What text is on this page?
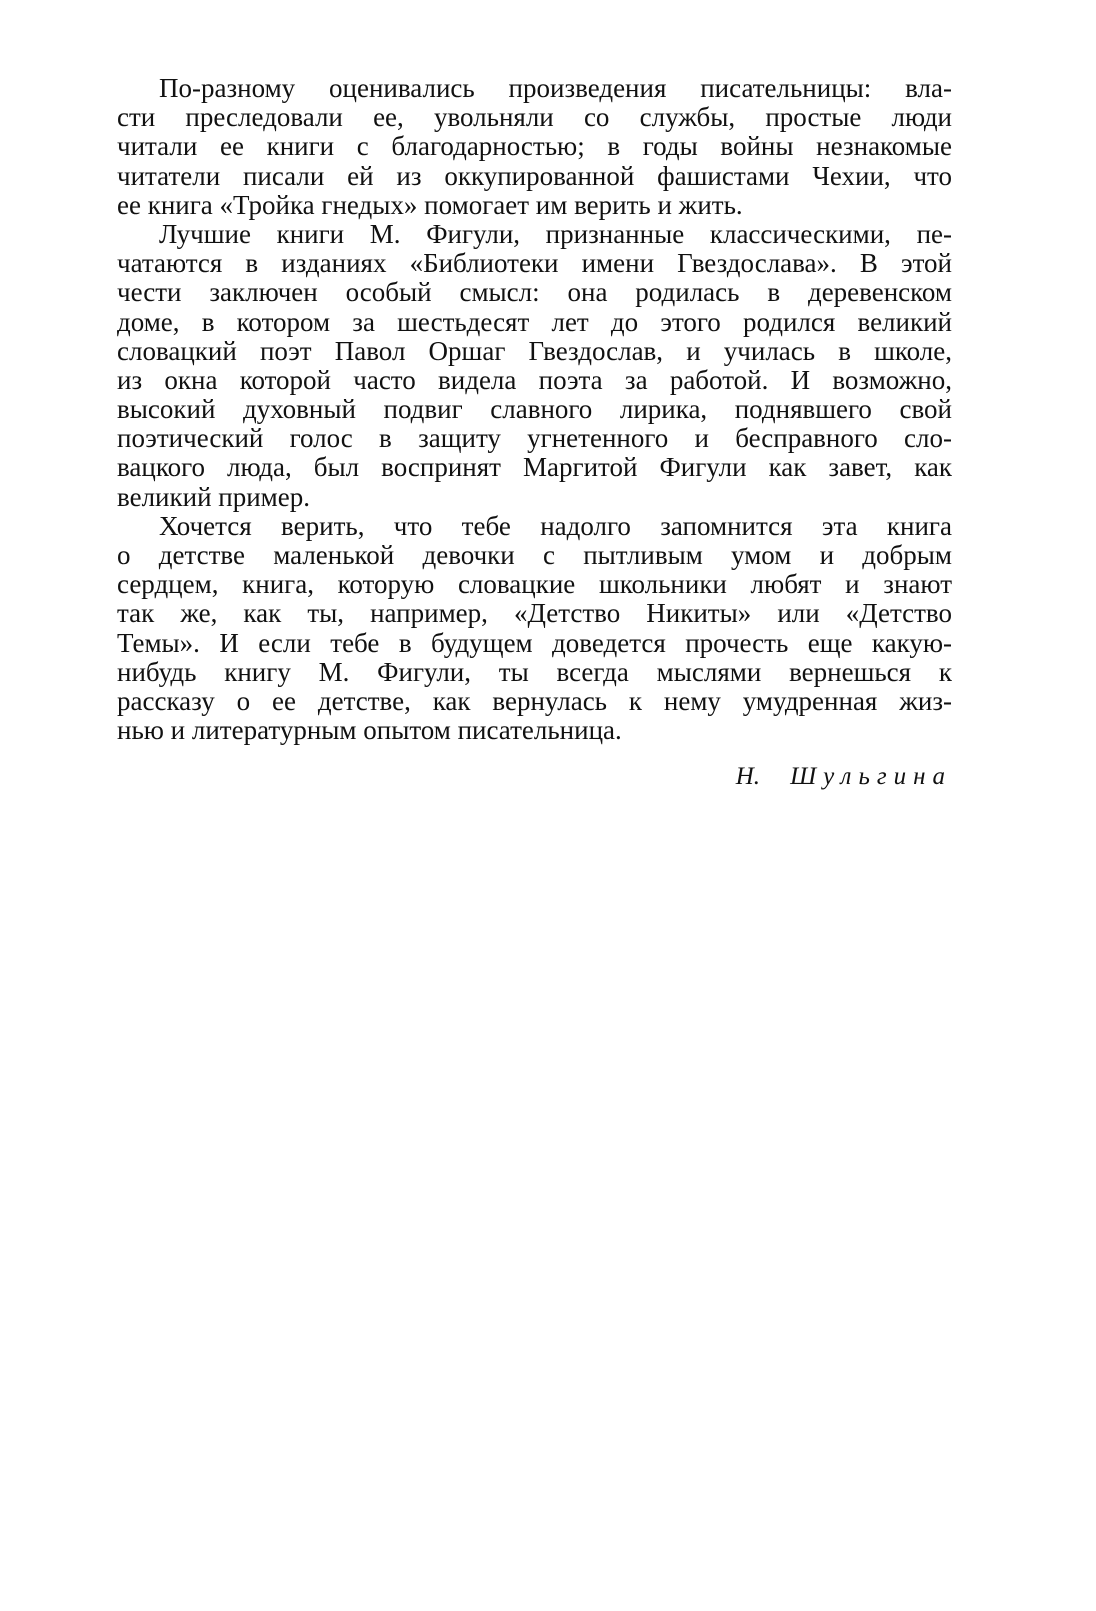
По-разному оценивались произведения писательницы: вла-
сти преследовали ее, увольняли со службы, простые люди
читали ее книги с благодарностью; в годы войны незнакомые
читатели писали ей из оккупированной фашистами Чехии, что
ее книга «Тройка гнедых» помогает им верить и жить.

Лучшие книги М. Фигули, признанные классическими, пе-
чатаются в изданиях «Библиотеки имени Гвездослава». В этой
чести заключен особый смысл: она родилась в деревенском
доме, в котором за шестьдесят лет до этого родился великий
словацкий поэт Павол Оршаг Гвездослав, и училась в школе,
из окна которой часто видела поэта за работой. И возможно,
высокий духовный подвиг славного лирика, поднявшего свой
поэтический голос в защиту угнетенного и бесправного сло-
вацкого люда, был воспринят Маргитой Фигули как завет, как
великий пример.

Хочется верить, что тебе надолго запомнится эта книга
о детстве маленькой девочки с пытливым умом и добрым
сердцем, книга, которую словацкие школьники любят и знают
так же, как ты, например, «Детство Никиты» или «Детство
Темы». И если тебе в будущем доведется прочесть еще какую-
нибудь книгу М. Фигули, ты всегда мыслями вернешься к
рассказу о ее детстве, как вернулась к нему умудренная жиз-
нью и литературным опытом писательница.

Н. Шульгина
